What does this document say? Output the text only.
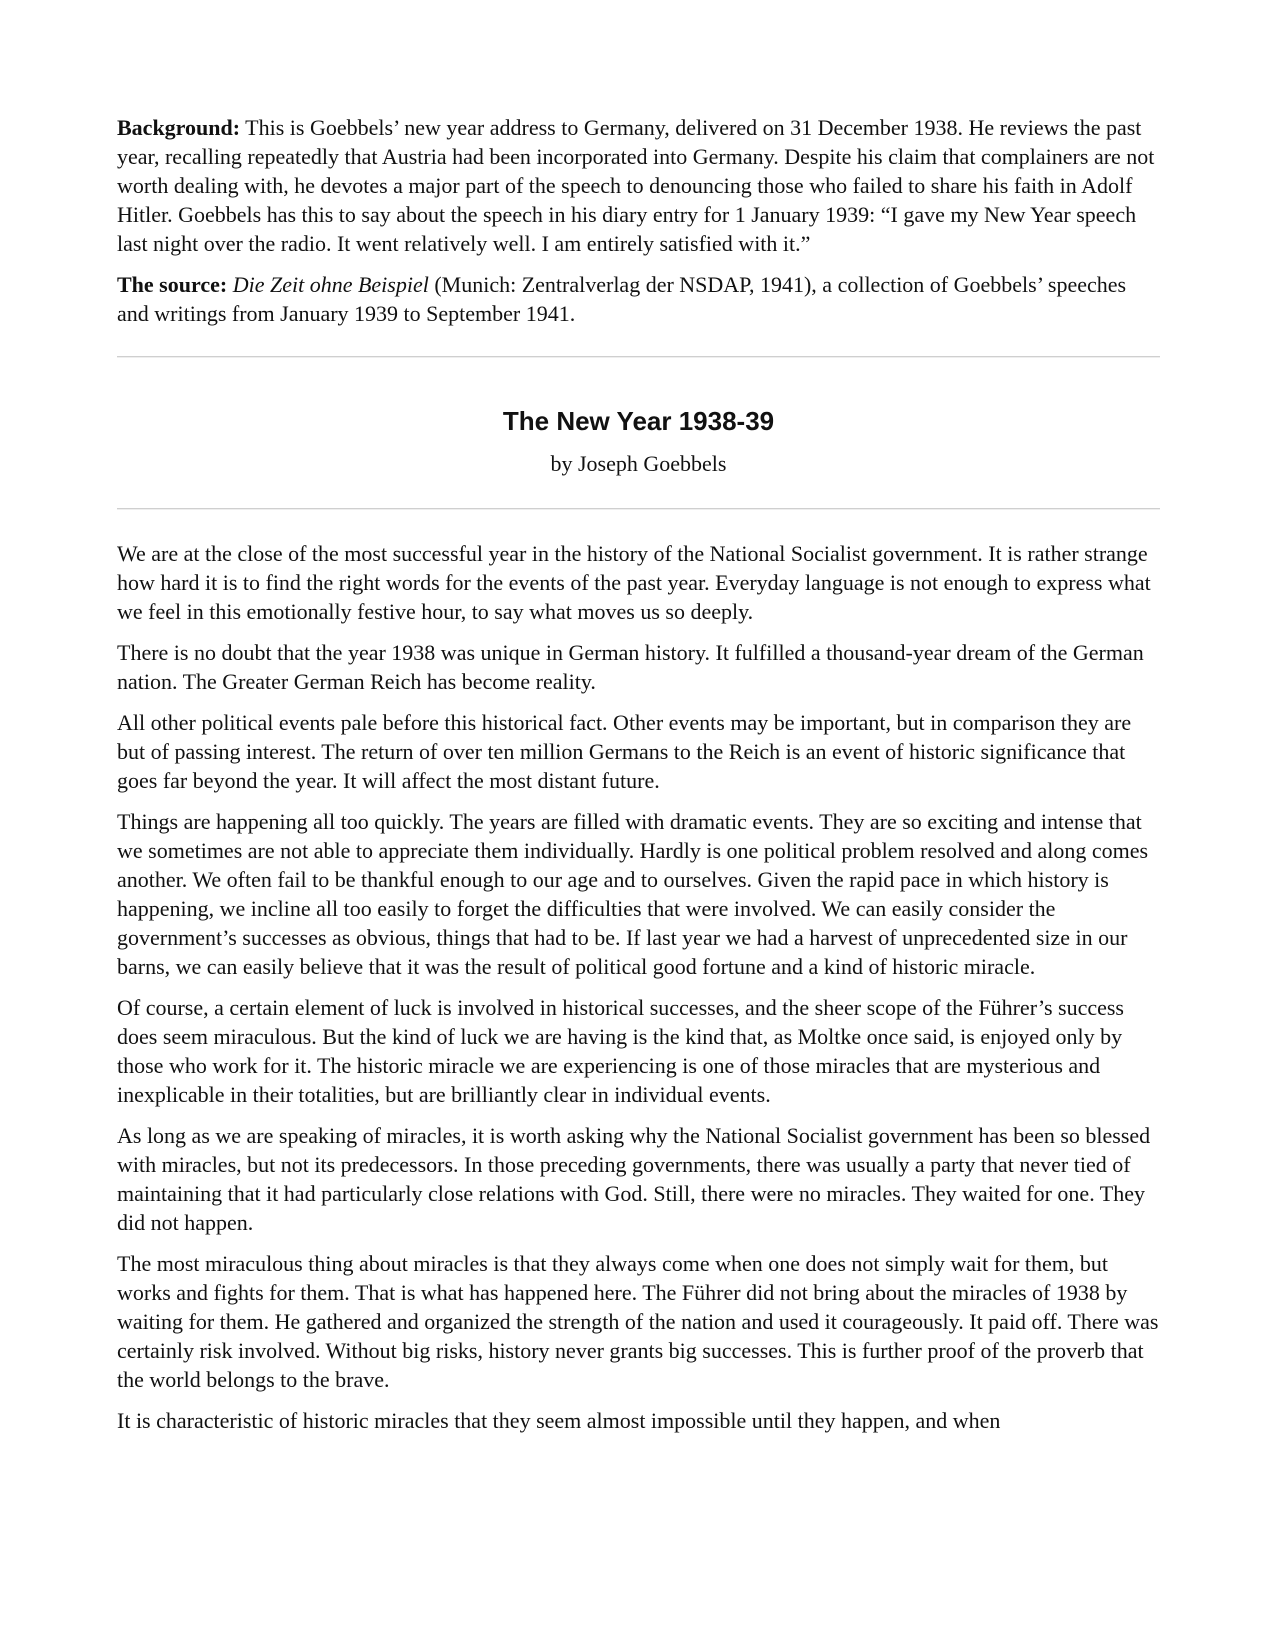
Background: This is Goebbels’ new year address to Germany, delivered on 31 December 1938. He reviews the past year, recalling repeatedly that Austria had been incorporated into Germany. Despite his claim that complainers are not worth dealing with, he devotes a major part of the speech to denouncing those who failed to share his faith in Adolf Hitler. Goebbels has this to say about the speech in his diary entry for 1 January 1939: “I gave my New Year speech last night over the radio. It went relatively well. I am entirely satisfied with it.”

The source: Die Zeit ohne Beispiel (Munich: Zentralverlag der NSDAP, 1941), a collection of Goebbels’ speeches and writings from January 1939 to September 1941.

The New Year 1938-39

by Joseph Goebbels

We are at the close of the most successful year in the history of the National Socialist government. It is rather strange how hard it is to find the right words for the events of the past year. Everyday language is not enough to express what we feel in this emotionally festive hour, to say what moves us so deeply.

There is no doubt that the year 1938 was unique in German history. It fulfilled a thousand-year dream of the German nation. The Greater German Reich has become reality.

All other political events pale before this historical fact. Other events may be important, but in comparison they are but of passing interest. The return of over ten million Germans to the Reich is an event of historic significance that goes far beyond the year. It will affect the most distant future.

Things are happening all too quickly. The years are filled with dramatic events. They are so exciting and intense that we sometimes are not able to appreciate them individually. Hardly is one political problem resolved and along comes another. We often fail to be thankful enough to our age and to ourselves. Given the rapid pace in which history is happening, we incline all too easily to forget the difficulties that were involved. We can easily consider the government’s successes as obvious, things that had to be. If last year we had a harvest of unprecedented size in our barns, we can easily believe that it was the result of political good fortune and a kind of historic miracle.

Of course, a certain element of luck is involved in historical successes, and the sheer scope of the Führer’s success does seem miraculous. But the kind of luck we are having is the kind that, as Moltke once said, is enjoyed only by those who work for it. The historic miracle we are experiencing is one of those miracles that are mysterious and inexplicable in their totalities, but are brilliantly clear in individual events.

As long as we are speaking of miracles, it is worth asking why the National Socialist government has been so blessed with miracles, but not its predecessors. In those preceding governments, there was usually a party that never tied of maintaining that it had particularly close relations with God. Still, there were no miracles. They waited for one. They did not happen.

The most miraculous thing about miracles is that they always come when one does not simply wait for them, but works and fights for them. That is what has happened here. The Führer did not bring about the miracles of 1938 by waiting for them. He gathered and organized the strength of the nation and used it courageously. It paid off. There was certainly risk involved. Without big risks, history never grants big successes. This is further proof of the proverb that the world belongs to the brave.

It is characteristic of historic miracles that they seem almost impossible until they happen, and when
